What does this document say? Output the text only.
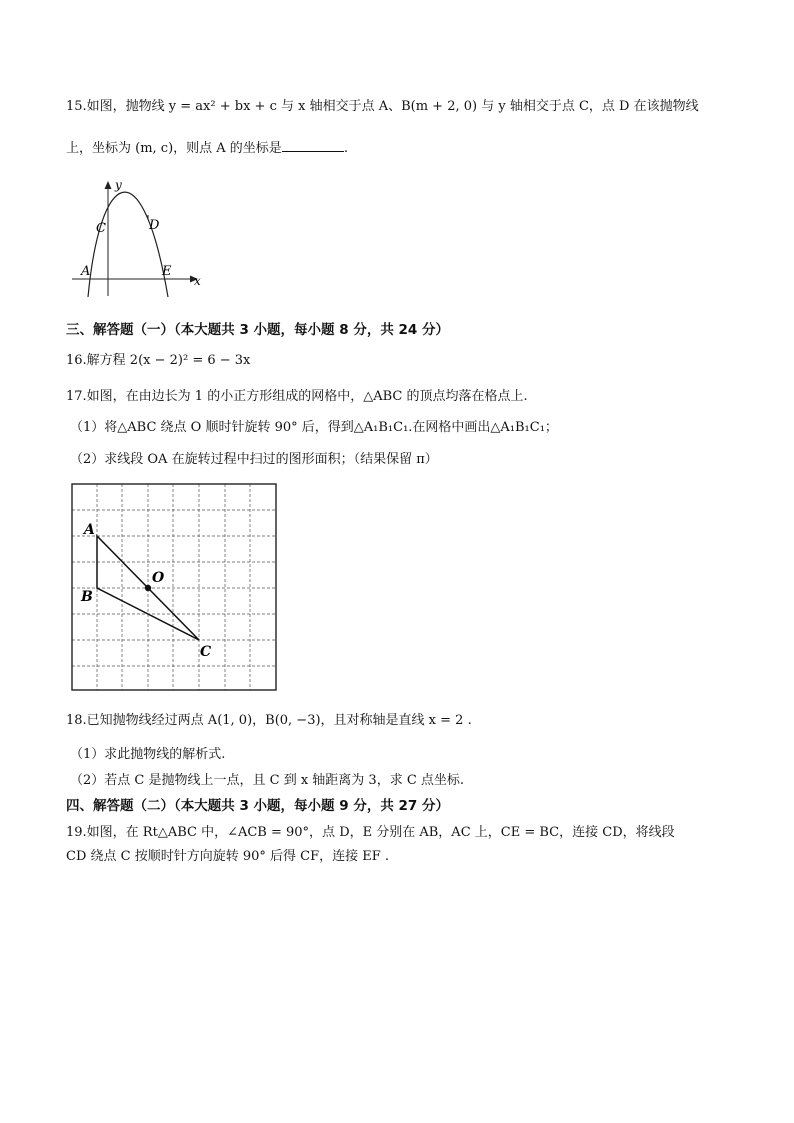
15.如图，抛物线 y = ax² + bx + c 与 x 轴相交于点 A、B(m + 2, 0) 与 y 轴相交于点 C，点 D 在该抛物线
上，坐标为 (m, c)，则点 A 的坐标是	.
y
C	D
A	E
x
三、解答题（一）（本大题共 3 小题，每小题 8 分，共 24 分）
16.解方程 2(x − 2)² = 6 − 3x
17.如图，在由边长为 1 的小正方形组成的网格中，△ABC 的顶点均落在格点上.
（1）将△ABC 绕点 O 顺时针旋转 90° 后，得到△A₁B₁C₁.在网格中画出△A₁B₁C₁；
（2）求线段 OA 在旋转过程中扫过的图形面积；（结果保留 π）
A
B
O
C
18.已知抛物线经过两点 A(1, 0)，B(0, −3)，且对称轴是直线 x = 2 .
（1）求此抛物线的解析式.
（2）若点 C 是抛物线上一点，且 C 到 x 轴距离为 3，求 C 点坐标.
四、解答题（二）（本大题共 3 小题，每小题 9 分，共 27 分）
19.如图，在 Rt△ABC 中，∠ACB = 90°，点 D，E 分别在 AB，AC 上，CE = BC，连接 CD，将线段
CD 绕点 C 按顺时针方向旋转 90° 后得 CF，连接 EF .
